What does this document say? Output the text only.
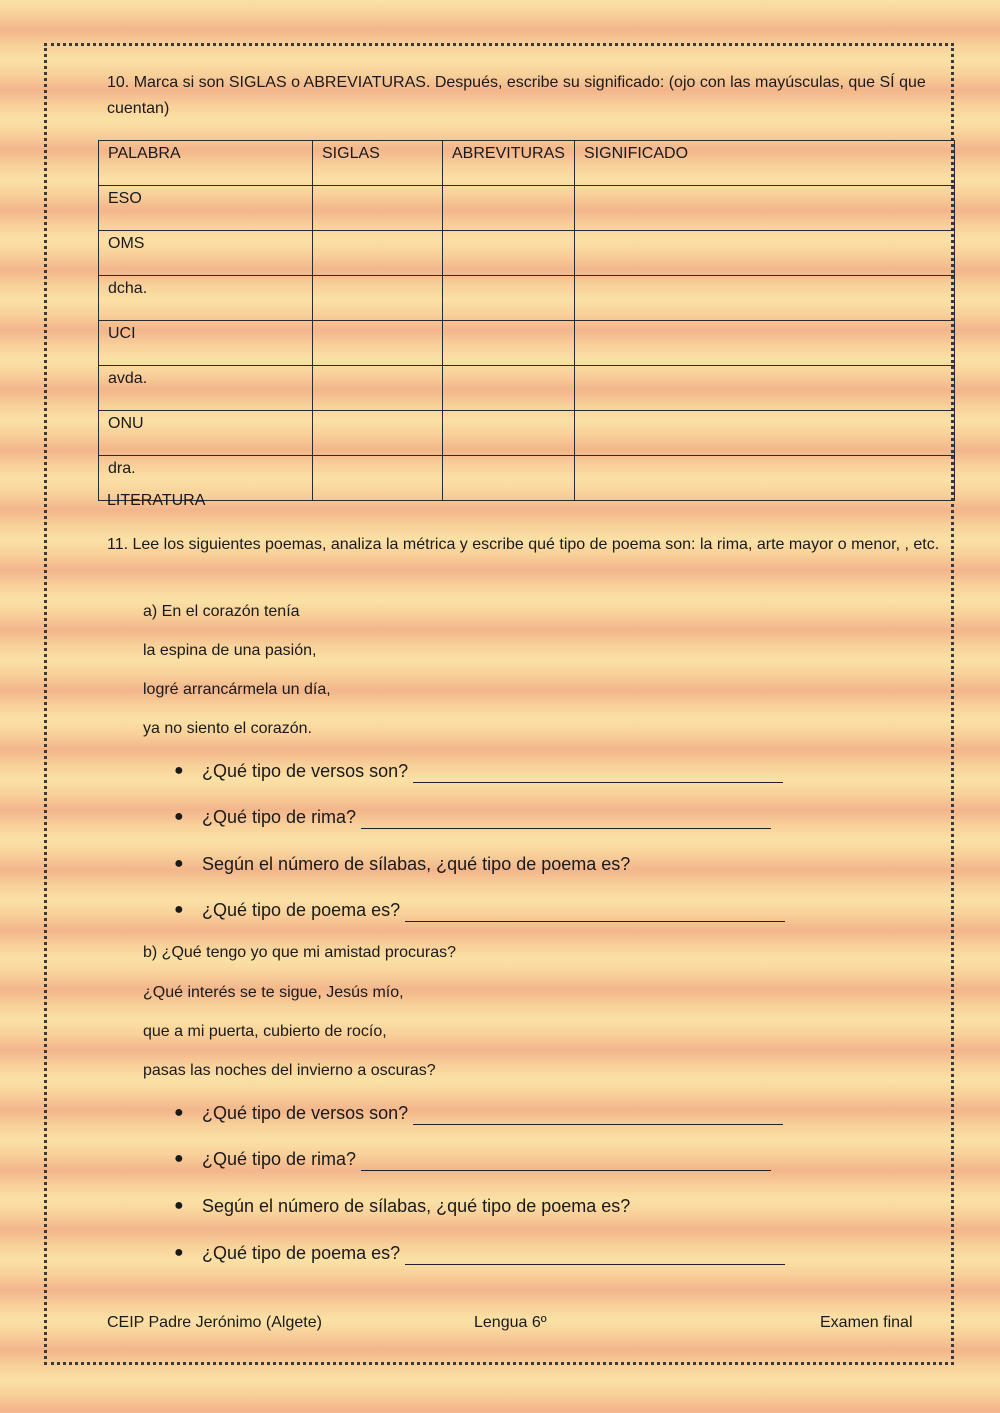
10. Marca si son SIGLAS o ABREVIATURAS. Después, escribe su significado: (ojo con las mayúsculas, que SÍ que cuentan)
PALABRA	SIGLAS	ABREVITURAS	SIGNIFICADO
ESO			
OMS			
dcha.			
UCI			
avda.			
ONU			
dra.			
LITERATURA
11. Lee los siguientes poemas, analiza la métrica y escribe qué tipo de poema son: la rima, arte mayor o menor, , etc.
a) En el corazón tenía
la espina de una pasión,
logré arrancármela un día,
ya no siento el corazón.
●	¿Qué tipo de versos son?
●	¿Qué tipo de rima?
●	Según el número de sílabas, ¿qué tipo de poema es?
●	¿Qué tipo de poema es?
b) ¿Qué tengo yo que mi amistad procuras?
¿Qué interés se te sigue, Jesús mío,
que a mi puerta, cubierto de rocío,
pasas las noches del invierno a oscuras?
●	¿Qué tipo de versos son?
●	¿Qué tipo de rima?
●	Según el número de sílabas, ¿qué tipo de poema es?
●	¿Qué tipo de poema es?
CEIP Padre Jerónimo (Algete)	Lengua 6º	Examen final
